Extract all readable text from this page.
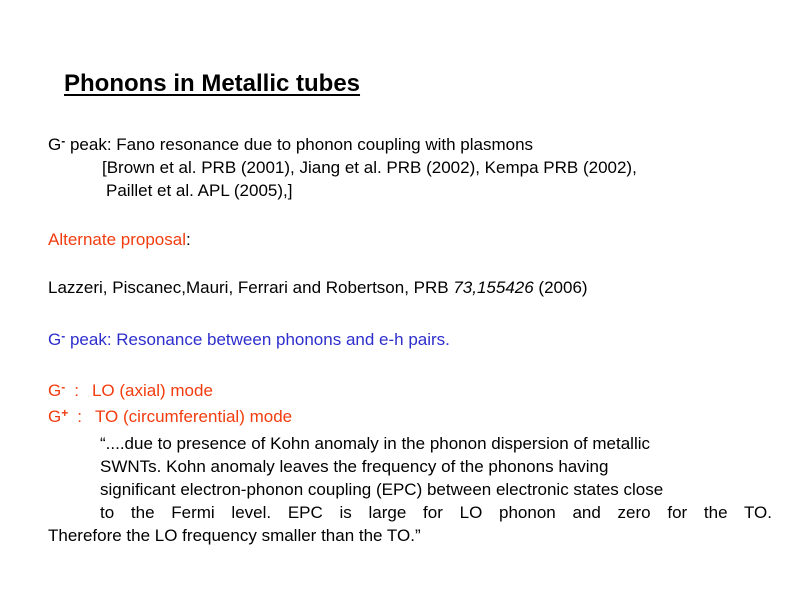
Phonons in Metallic tubes
G- peak: Fano resonance due to phonon coupling with plasmons
[Brown et al. PRB (2001), Jiang et al. PRB (2002), Kempa PRB (2002),
Paillet et al. APL (2005),]
Alternate proposal:
Lazzeri, Piscanec,Mauri, Ferrari and Robertson, PRB 73,155426 (2006)
G- peak: Resonance between phonons and e-h pairs.
G- : LO (axial) mode
G+ : TO (circumferential) mode
“....due to presence of Kohn anomaly in the phonon dispersion of metallic
SWNTs. Kohn anomaly leaves the frequency of the phonons having
significant electron-phonon coupling (EPC) between electronic states close
to the Fermi level. EPC is large for LO phonon and zero for the TO.
Therefore the LO frequency smaller than the TO.”
